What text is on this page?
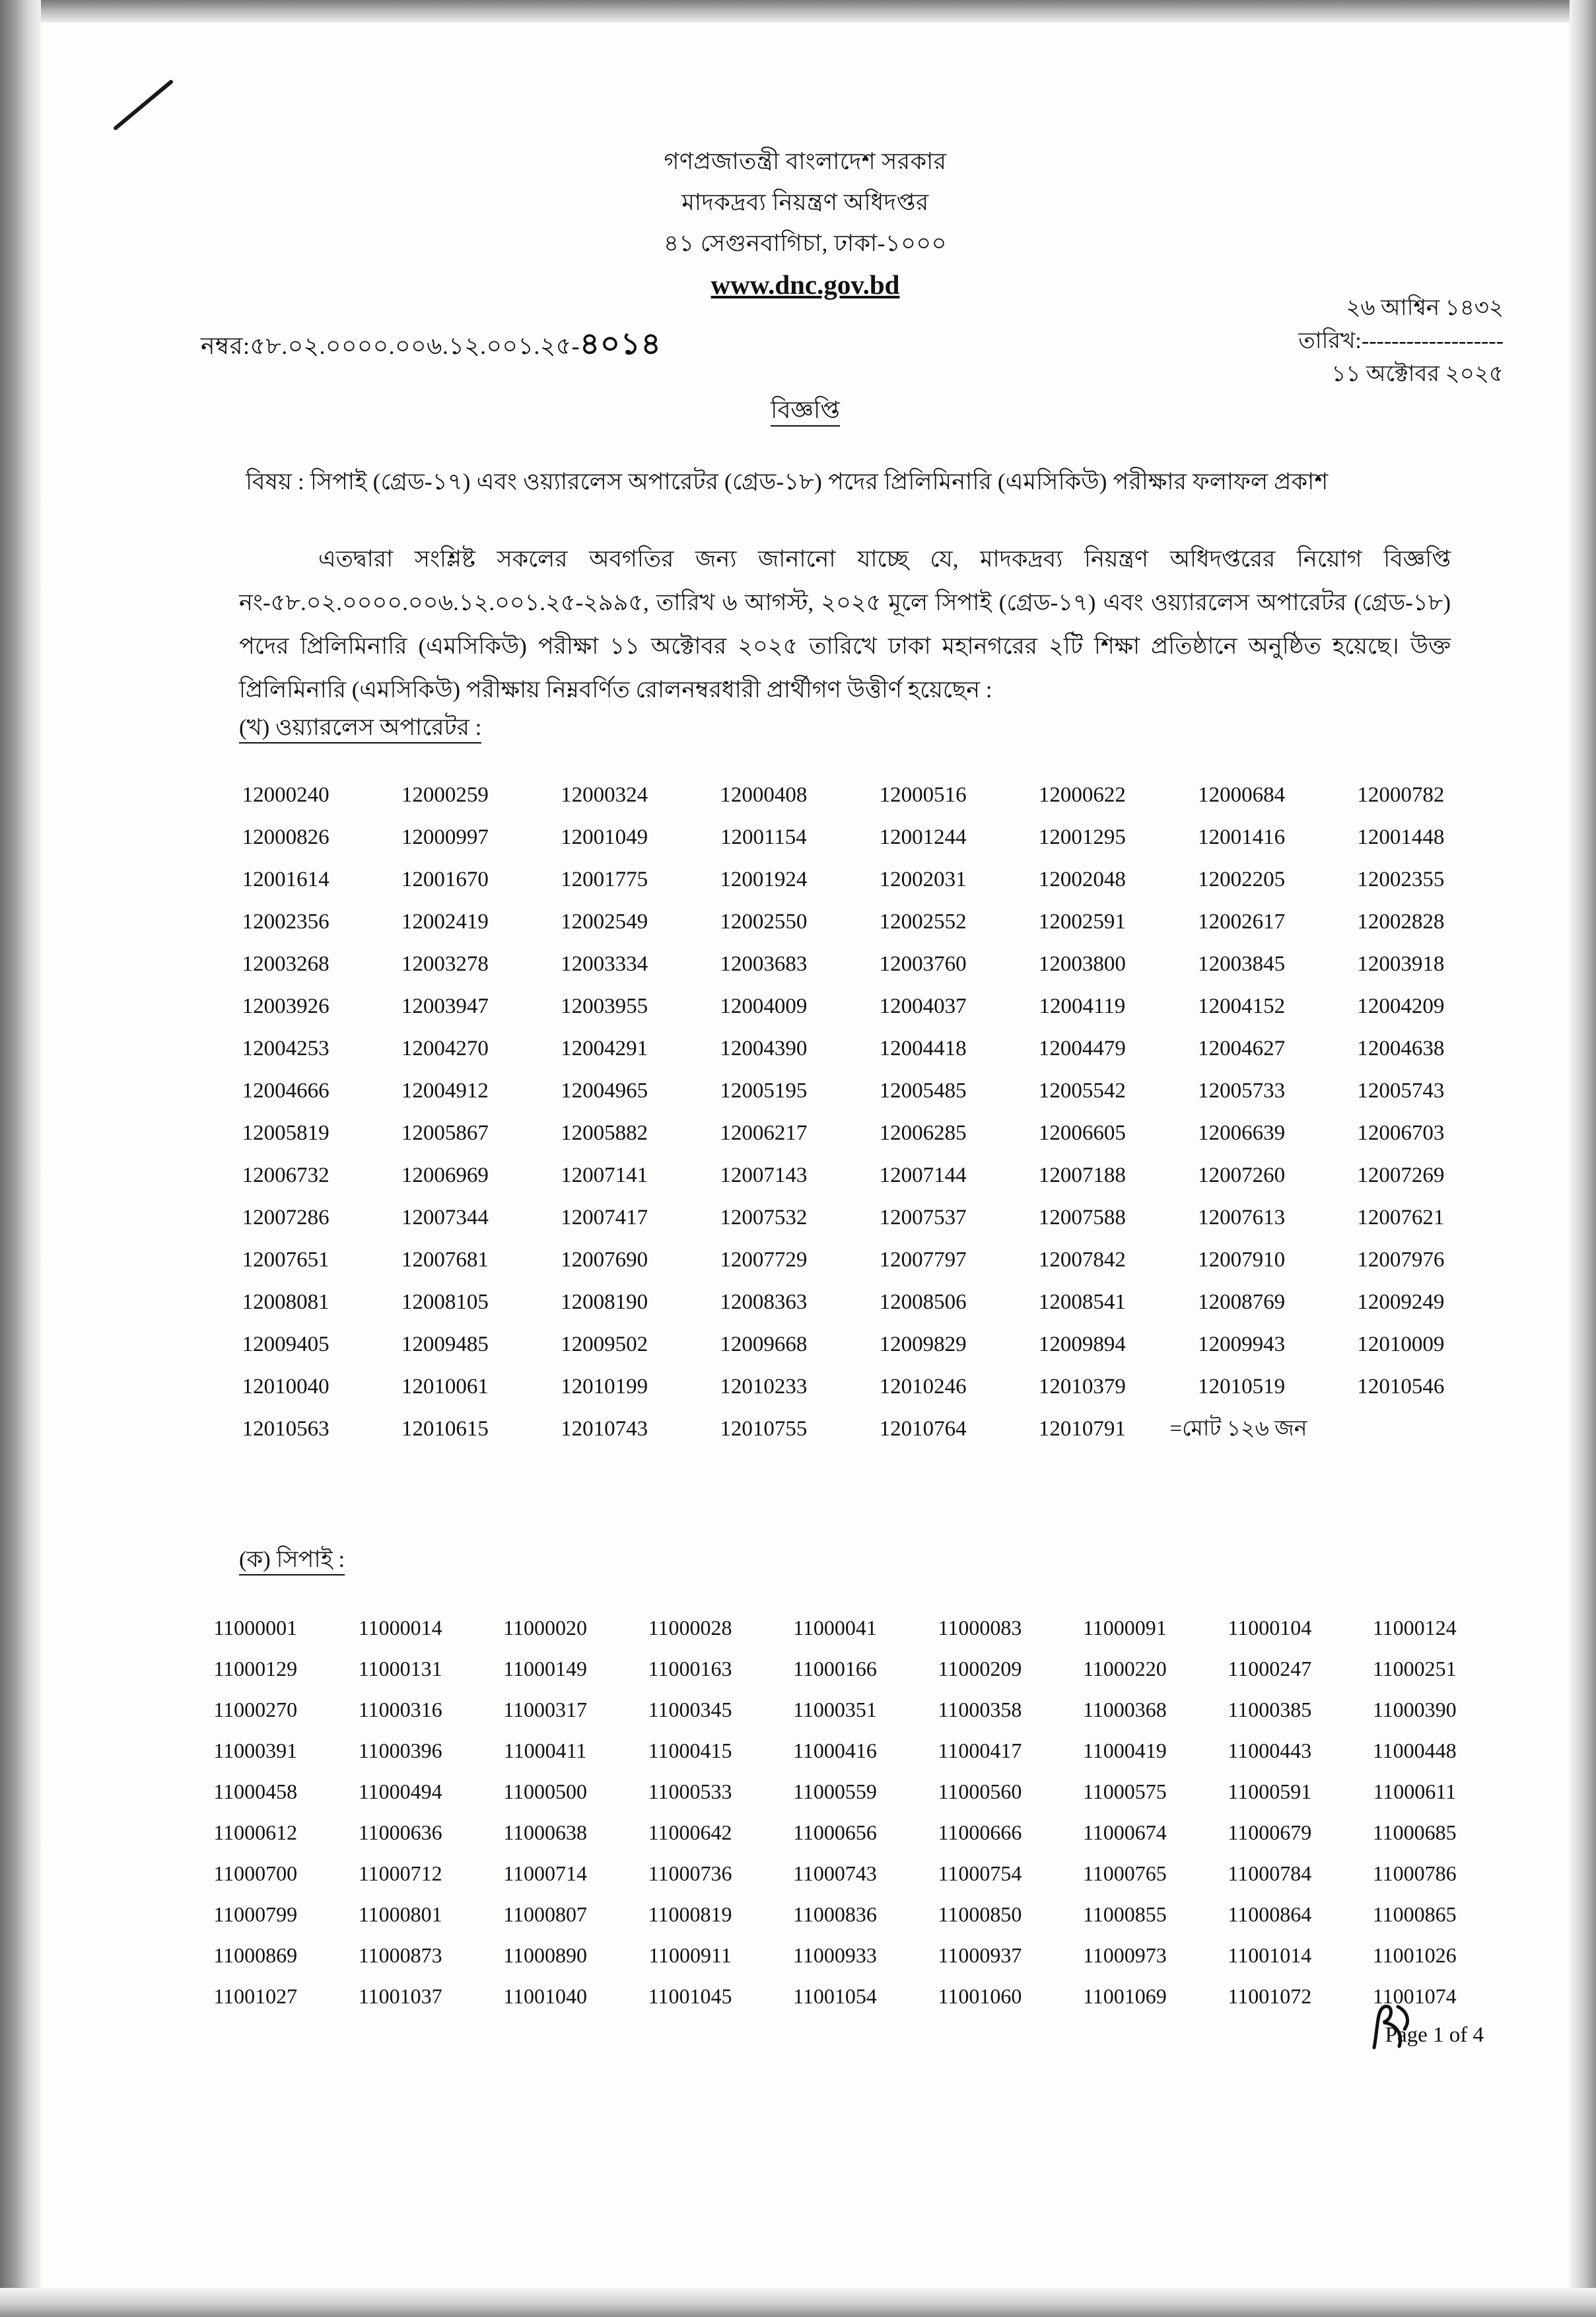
গণপ্রজাতন্ত্রী বাংলাদেশ সরকার
মাদকদ্রব্য নিয়ন্ত্রণ অধিদপ্তর
৪১ সেগুনবাগিচা, ঢাকা-১০০০
www.dnc.gov.bd
নম্বর:৫৮.০২.০০০০.০০৬.১২.০০১.২৫-৪০১৪
২৬ আশ্বিন ১৪৩২
তারিখ:-------------------
১১ অক্টোবর ২০২৫
বিজ্ঞপ্তি
বিষয় : সিপাই (গ্রেড-১৭) এবং ওয়্যারলেস অপারেটর (গ্রেড-১৮) পদের প্রিলিমিনারি (এমসিকিউ) পরীক্ষার ফলাফল প্রকাশ
এতদ্বারা সংশ্লিষ্ট সকলের অবগতির জন্য জানানো যাচ্ছে যে, মাদকদ্রব্য নিয়ন্ত্রণ অধিদপ্তরের নিয়োগ বিজ্ঞপ্তি নং-৫৮.০২.০০০০.০০৬.১২.০০১.২৫-২৯৯৫, তারিখ ৬ আগস্ট, ২০২৫ মূলে সিপাই (গ্রেড-১৭) এবং ওয়্যারলেস অপারেটর (গ্রেড-১৮) পদের প্রিলিমিনারি (এমসিকিউ) পরীক্ষা ১১ অক্টোবর ২০২৫ তারিখে ঢাকা মহানগরের ২টি শিক্ষা প্রতিষ্ঠানে অনুষ্ঠিত হয়েছে। উক্ত প্রিলিমিনারি (এমসিকিউ) পরীক্ষায় নিম্নবর্ণিত রোলনম্বরধারী প্রার্থীগণ উত্তীর্ণ হয়েছেন :
(খ) ওয়্যারলেস অপারেটর :
12000240	12000259	12000324	12000408	12000516	12000622	12000684	12000782
12000826	12000997	12001049	12001154	12001244	12001295	12001416	12001448
12001614	12001670	12001775	12001924	12002031	12002048	12002205	12002355
12002356	12002419	12002549	12002550	12002552	12002591	12002617	12002828
12003268	12003278	12003334	12003683	12003760	12003800	12003845	12003918
12003926	12003947	12003955	12004009	12004037	12004119	12004152	12004209
12004253	12004270	12004291	12004390	12004418	12004479	12004627	12004638
12004666	12004912	12004965	12005195	12005485	12005542	12005733	12005743
12005819	12005867	12005882	12006217	12006285	12006605	12006639	12006703
12006732	12006969	12007141	12007143	12007144	12007188	12007260	12007269
12007286	12007344	12007417	12007532	12007537	12007588	12007613	12007621
12007651	12007681	12007690	12007729	12007797	12007842	12007910	12007976
12008081	12008105	12008190	12008363	12008506	12008541	12008769	12009249
12009405	12009485	12009502	12009668	12009829	12009894	12009943	12010009
12010040	12010061	12010199	12010233	12010246	12010379	12010519	12010546
12010563	12010615	12010743	12010755	12010764	12010791	=মোট ১২৬ জন
(ক) সিপাই :
11000001	11000014	11000020	11000028	11000041	11000083	11000091	11000104	11000124
11000129	11000131	11000149	11000163	11000166	11000209	11000220	11000247	11000251
11000270	11000316	11000317	11000345	11000351	11000358	11000368	11000385	11000390
11000391	11000396	11000411	11000415	11000416	11000417	11000419	11000443	11000448
11000458	11000494	11000500	11000533	11000559	11000560	11000575	11000591	11000611
11000612	11000636	11000638	11000642	11000656	11000666	11000674	11000679	11000685
11000700	11000712	11000714	11000736	11000743	11000754	11000765	11000784	11000786
11000799	11000801	11000807	11000819	11000836	11000850	11000855	11000864	11000865
11000869	11000873	11000890	11000911	11000933	11000937	11000973	11001014	11001026
11001027	11001037	11001040	11001045	11001054	11001060	11001069	11001072	11001074
Page 1 of 4
